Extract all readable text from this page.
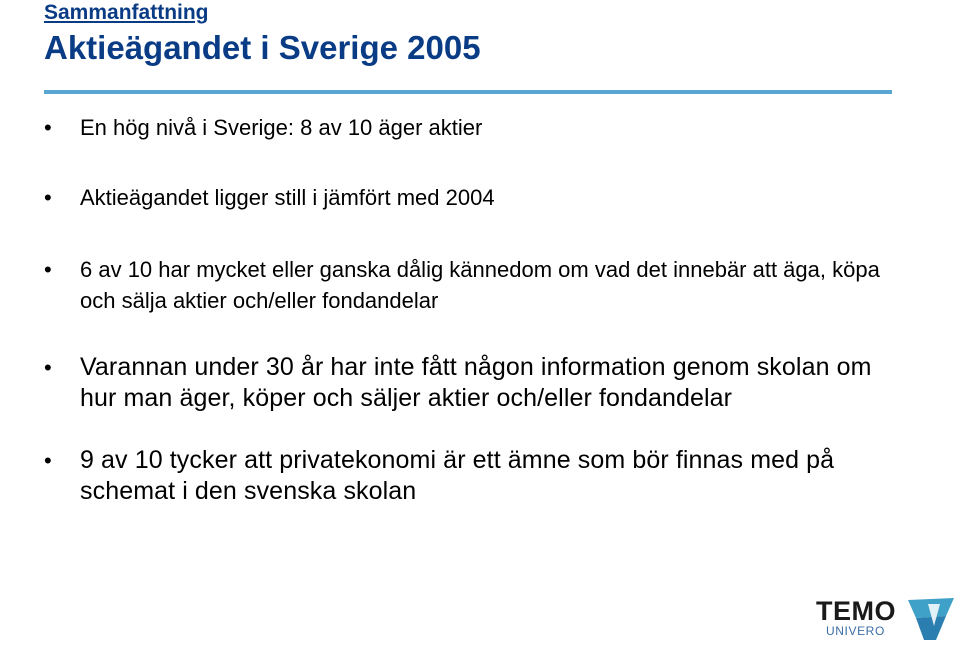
Sammanfattning
Aktieägandet i Sverige 2005
• En hög nivå i Sverige: 8 av 10 äger aktier
• Aktieägandet ligger still i jämfört med 2004
• 6 av 10 har mycket eller ganska dålig kännedom om vad det innebär att äga, köpa och sälja aktier och/eller fondandelar
• Varannan under 30 år har inte fått någon information genom skolan om hur man äger, köper och säljer aktier och/eller fondandelar
• 9 av 10 tycker att privatekonomi är ett ämne som bör finnas med på schemat i den svenska skolan
TEMO
UNIVERO
